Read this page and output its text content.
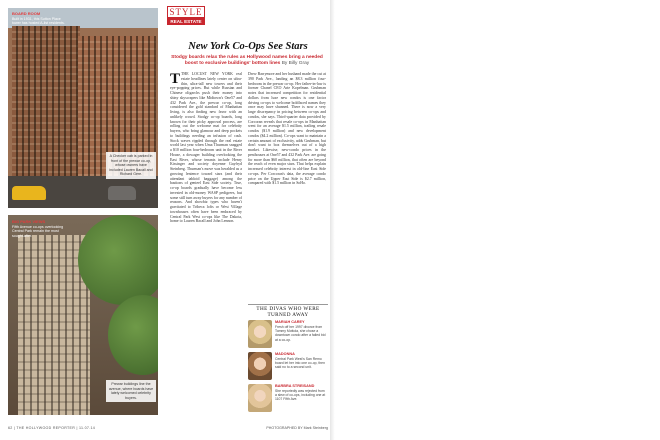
BOARD ROOM
Built in 1931, this Sutton Place tower has hosted A-list residents.
A Checker cab is parked in front of the prewar co-op, whose owners have included Lauren Bacall and Richard Gere.
BIG PARK VIEWS
Fifth Avenue co-ops overlooking Central Park remain the most sought-after.
Prewar buildings line the avenue, where boards have lately welcomed celebrity buyers.
STYLE
REAL ESTATE
New York Co-Ops See Stars
Stodgy boards relax the rules as Hollywood names bring a needed boost to exclusive buildings' bottom lines By Billy Gray
T THE LOCUST NEW YORK real estate headlines lately center on ultra-thin, ultra-tall new towers and their eye-popping prices. But while Russian and Chinese oligarchs push their money into shiny skyscrapers like Midtown's One57 and 432 Park Ave., the prewar co-op, long considered the gold standard of Manhattan living, is also finding new favor with an unlikely crowd. Stodgy co-op boards, long known for their picky approval process, are rolling out the welcome mat for celebrity buyers, who bring glamour and deep pockets to buildings needing an infusion of cash. Stock waves rippled through the real estate world last year when Uma Thurman snagged a $10 million four-bedroom unit in the River House, a dowager building overlooking the East River, whose tenants include Henry Kissinger and society doyenne Gayfryd Steinberg. Thurman's move was heralded as a growing lenience toward stars (and their attendant tabloid baggage) among the bastions of genteel East Side society. True, co-op boards gradually have become less invested in old-money WASP pedigrees, but some still turn away buyers for any number of reasons. And showbiz types who haven't gravitated to Tribeca lofts or West Village townhouses often have been embraced by Central Park West co-ops like The Dakota, home to Lauren Bacall and John Lennon.
Drew Barrymore and her husband made the cut at 390 Park Ave., landing an $8.3 million four-bedroom in the prewar co-op. Her father-in-law is former Chanel CEO Arie Kopelman. Grubman notes that increased competition for residential dollars from luxe new condos is one factor driving co-ops to welcome boldfaced names they once may have shunned. There is now a very large discrepancy in pricing between co-ops and condos, she says. Third-quarter data provided by Corcoran reveals that resale co-ops in Manhattan went for an average $1.5 million, trailing resale condos ($1.9 million) and new development condos ($4.2 million). Co-ops want to maintain a certain amount of exclusivity, adds Grubman, but don't want to box themselves out of a high market. Likewise, new-condo prices in the penthouses at One57 and 432 Park Ave. are going for more than $60 million, that often are beyond the reach of even major stars. That helps explain increased celebrity interest in old-line East Side co-ops. Per Corcoran's data, the average condo price on the Upper East Side is $2.7 million, compared with $1.5 million in SoHo.
THE DIVAS WHO WERE TURNED AWAY
MARIAH CAREY
Fresh off her 1997 divorce from Tommy Mottola, she chose a downtown condo after a failed bid at a co-op.
MADONNA
Central Park West's San Remo board let her into one co-op, then said no to a second unit.
BARBRA STREISAND
She reportedly was rejected from a slew of co-ops, including one at 1107 Fifth Ave.
62 | THE HOLLYWOOD REPORTER | 11.07.14	PHOTOGRAPHED BY Mark Steinberg
